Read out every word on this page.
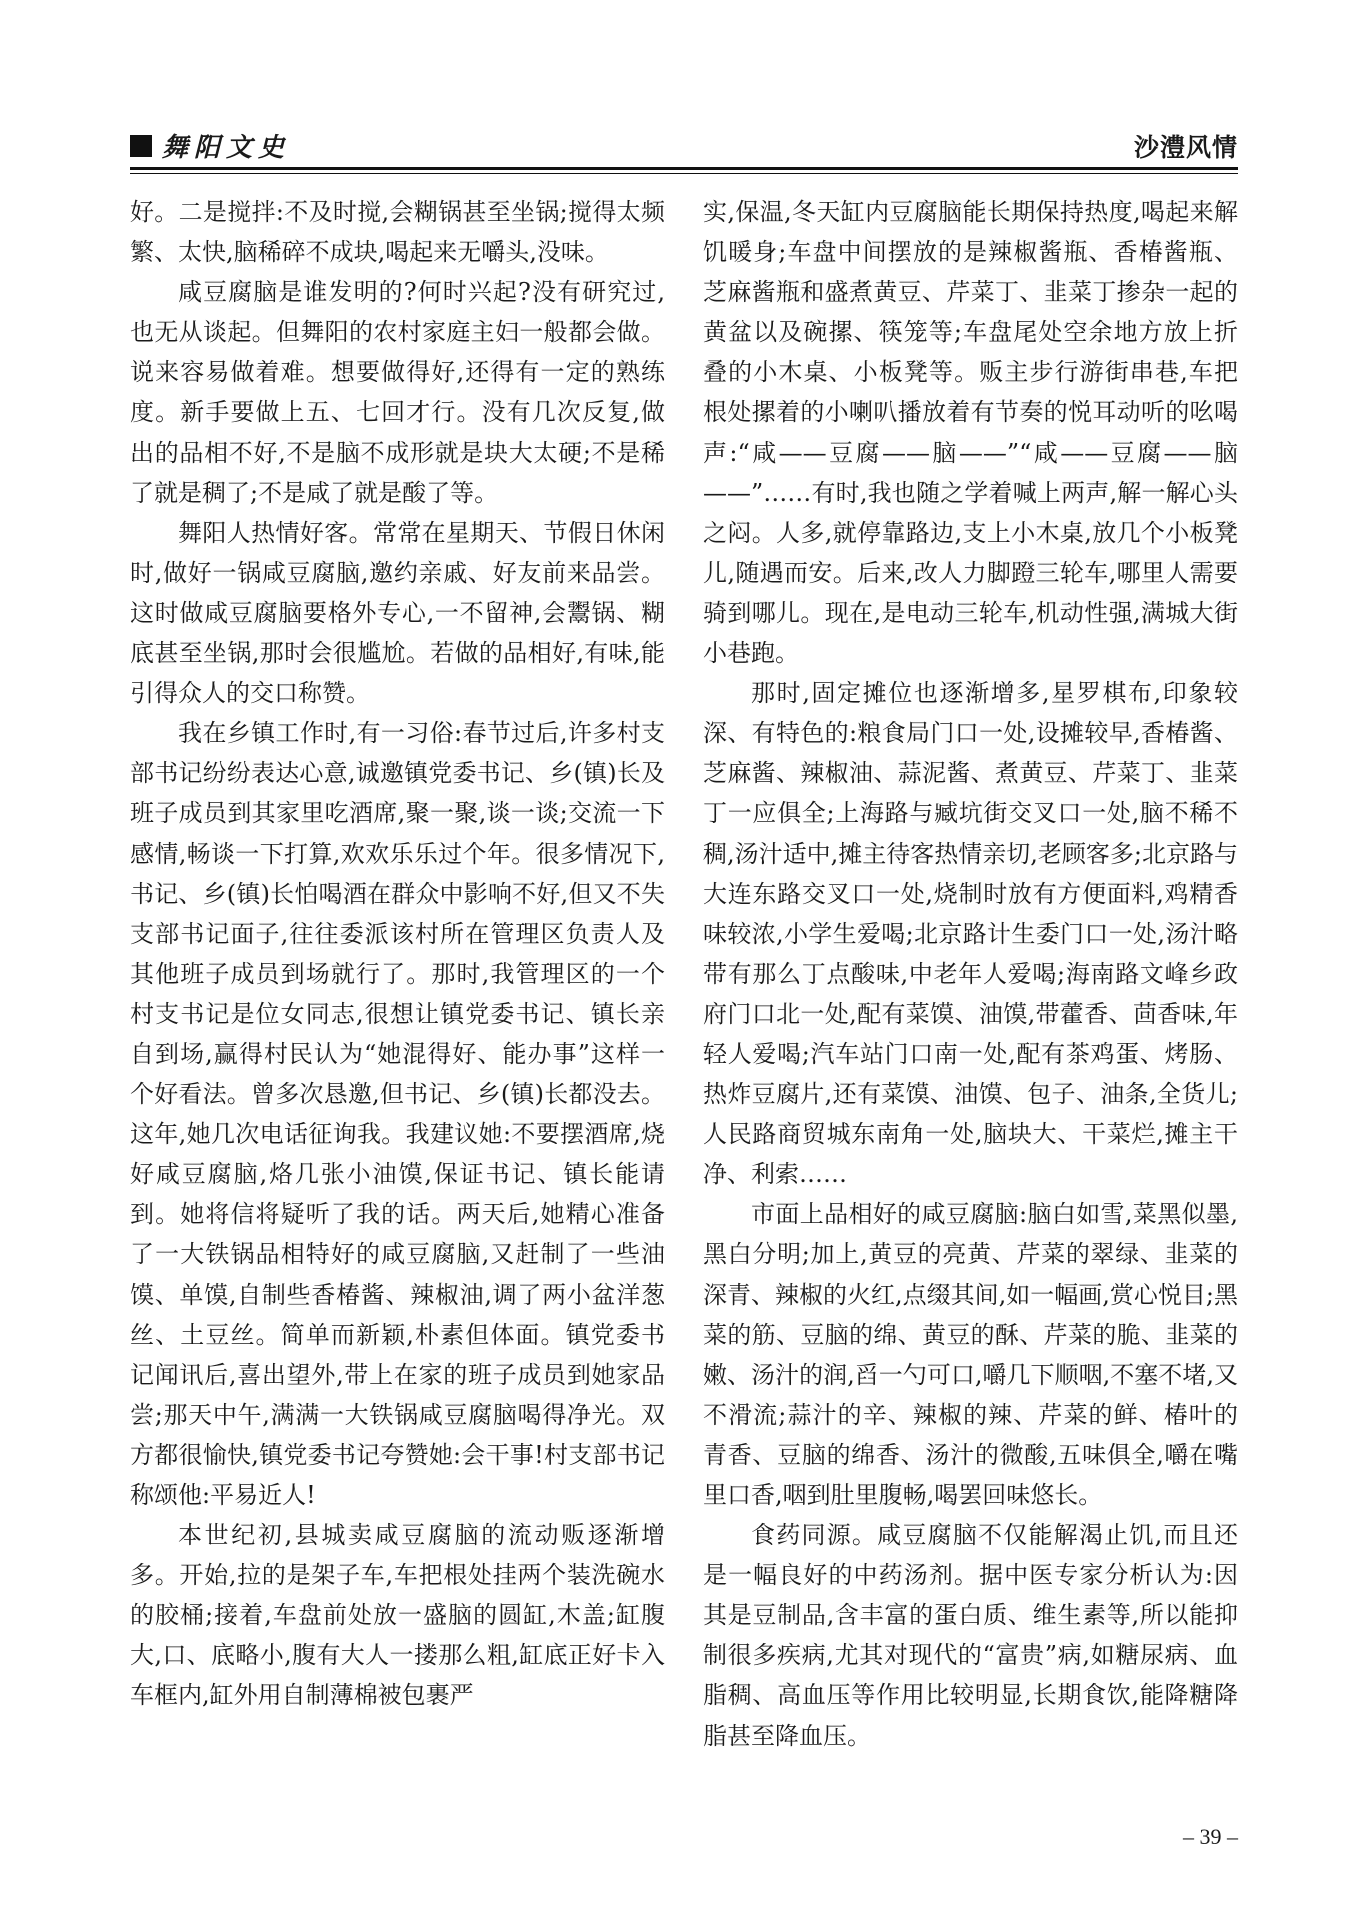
舞阳文史	沙澧风情

好。二是搅拌:不及时搅,会糊锅甚至坐锅;搅得太频繁、太快,脑稀碎不成块,喝起来无嚼头,没味。

咸豆腐脑是谁发明的?何时兴起?没有研究过,也无从谈起。但舞阳的农村家庭主妇一般都会做。说来容易做着难。想要做得好,还得有一定的熟练度。新手要做上五、七回才行。没有几次反复,做出的品相不好,不是脑不成形就是块大太硬;不是稀了就是稠了;不是咸了就是酸了等。

舞阳人热情好客。常常在星期天、节假日休闲时,做好一锅咸豆腐脑,邀约亲戚、好友前来品尝。这时做咸豆腐脑要格外专心,一不留神,会鬻锅、糊底甚至坐锅,那时会很尴尬。若做的品相好,有味,能引得众人的交口称赞。

我在乡镇工作时,有一习俗:春节过后,许多村支部书记纷纷表达心意,诚邀镇党委书记、乡(镇)长及班子成员到其家里吃酒席,聚一聚,谈一谈;交流一下感情,畅谈一下打算,欢欢乐乐过个年。很多情况下,书记、乡(镇)长怕喝酒在群众中影响不好,但又不失支部书记面子,往往委派该村所在管理区负责人及其他班子成员到场就行了。那时,我管理区的一个村支书记是位女同志,很想让镇党委书记、镇长亲自到场,赢得村民认为“她混得好、能办事”这样一个好看法。曾多次恳邀,但书记、乡(镇)长都没去。这年,她几次电话征询我。我建议她:不要摆酒席,烧好咸豆腐脑,烙几张小油馍,保证书记、镇长能请到。她将信将疑听了我的话。两天后,她精心准备了一大铁锅品相特好的咸豆腐脑,又赶制了一些油馍、单馍,自制些香椿酱、辣椒油,调了两小盆洋葱丝、土豆丝。简单而新颖,朴素但体面。镇党委书记闻讯后,喜出望外,带上在家的班子成员到她家品尝;那天中午,满满一大铁锅咸豆腐脑喝得净光。双方都很愉快,镇党委书记夸赞她:会干事!村支部书记称颂他:平易近人!

本世纪初,县城卖咸豆腐脑的流动贩逐渐增多。开始,拉的是架子车,车把根处挂两个装洗碗水的胶桶;接着,车盘前处放一盛脑的圆缸,木盖;缸腹大,口、底略小,腹有大人一搂那么粗,缸底正好卡入车框内,缸外用自制薄棉被包裹严

实,保温,冬天缸内豆腐脑能长期保持热度,喝起来解饥暖身;车盘中间摆放的是辣椒酱瓶、香椿酱瓶、芝麻酱瓶和盛煮黄豆、芹菜丁、韭菜丁掺杂一起的黄盆以及碗摞、筷笼等;车盘尾处空余地方放上折叠的小木桌、小板凳等。贩主步行游街串巷,车把根处摞着的小喇叭播放着有节奏的悦耳动听的吆喝声:“咸——豆腐——脑——”“咸——豆腐——脑——”……有时,我也随之学着喊上两声,解一解心头之闷。人多,就停靠路边,支上小木桌,放几个小板凳儿,随遇而安。后来,改人力脚蹬三轮车,哪里人需要骑到哪儿。现在,是电动三轮车,机动性强,满城大街小巷跑。

那时,固定摊位也逐渐增多,星罗棋布,印象较深、有特色的:粮食局门口一处,设摊较早,香椿酱、芝麻酱、辣椒油、蒜泥酱、煮黄豆、芹菜丁、韭菜丁一应俱全;上海路与臧坑街交叉口一处,脑不稀不稠,汤汁适中,摊主待客热情亲切,老顾客多;北京路与大连东路交叉口一处,烧制时放有方便面料,鸡精香味较浓,小学生爱喝;北京路计生委门口一处,汤汁略带有那么丁点酸味,中老年人爱喝;海南路文峰乡政府门口北一处,配有菜馍、油馍,带藿香、茴香味,年轻人爱喝;汽车站门口南一处,配有茶鸡蛋、烤肠、热炸豆腐片,还有菜馍、油馍、包子、油条,全货儿;人民路商贸城东南角一处,脑块大、干菜烂,摊主干净、利索……

市面上品相好的咸豆腐脑:脑白如雪,菜黑似墨,黑白分明;加上,黄豆的亮黄、芹菜的翠绿、韭菜的深青、辣椒的火红,点缀其间,如一幅画,赏心悦目;黑菜的筋、豆脑的绵、黄豆的酥、芹菜的脆、韭菜的嫩、汤汁的润,舀一勺可口,嚼几下顺咽,不塞不堵,又不滑流;蒜汁的辛、辣椒的辣、芹菜的鲜、椿叶的青香、豆脑的绵香、汤汁的微酸,五味俱全,嚼在嘴里口香,咽到肚里腹畅,喝罢回味悠长。

食药同源。咸豆腐脑不仅能解渴止饥,而且还是一幅良好的中药汤剂。据中医专家分析认为:因其是豆制品,含丰富的蛋白质、维生素等,所以能抑制很多疾病,尤其对现代的“富贵”病,如糖尿病、血脂稠、高血压等作用比较明显,长期食饮,能降糖降脂甚至降血压。

– 39 –
